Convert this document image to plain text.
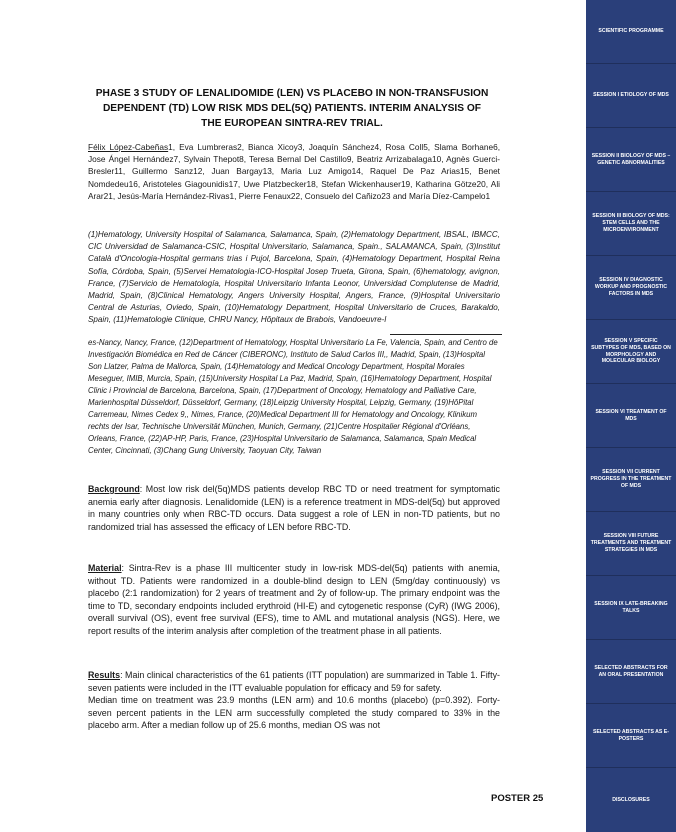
PHASE 3 STUDY OF LENALIDOMIDE (LEN) VS PLACEBO IN NON-TRANSFUSION DEPENDENT (TD) LOW RISK MDS DEL(5Q) PATIENTS. INTERIM ANALYSIS OF THE EUROPEAN SINTRA-REV TRIAL.
Félix López-Cabeñas1, Eva Lumbreras2, Bianca Xicoy3, Joaquín Sánchez4, Rosa Coll5, Slama Borhane6, Jose Ángel Hernández7, Sylvain Thepot8, Teresa Bernal Del Castillo9, Beatriz Arrizabalaga10, Agnès Guerci-Bresler11, Guillermo Sanz12, Juan Bargay13, Maria Luz Amigo14, Raquel De Paz Arias15, Benet Nomdedeu16, Aristoteles Giagounidis17, Uwe Platzbecker18, Stefan Wickenhauser19, Katharina Götze20, Ali Arar21, Jesús-María Hernández-Rivas1, Pierre Fenaux22, Consuelo del Cañizo23 and María Díez-Campelo1
(1)Hematology, University Hospital of Salamanca, Salamanca, Spain, (2)Hematology Department, IBSAL, IBMCC, CIC Universidad de Salamanca-CSIC, Hospital Universitario, Salamanca, Spain., SALAMANCA, Spain, (3)Institut Català d'Oncologia-Hospital germans trias i Pujol, Barcelona, Spain, (4)Hematology Department, Hospital Reina Sofía, Córdoba, Spain, (5)Servei Hematologia-ICO-Hospital Josep Trueta, Girona, Spain, (6)hematology, avignon, France, (7)Servicio de Hematología, Hospital Universitario Infanta Leonor, Universidad Complutense de Madrid, Madrid, Spain, (8)Clinical Hematology, Angers University Hospital, Angers, France, (9)Hospital Universitario Central de Asturias, Oviedo, Spain, (10)Hematology Department, Hospital Universitario de Cruces, Barakaldo, Spain, (11)Hematologie Clinique, CHRU Nancy, Hôpitaux de Brabois, Vandoeuvre-l
es-Nancy, Nancy, France, (12)Department of Hematology, Hospital Universitario La Fe, Valencia, Spain, and Centro de Investigación Biomédica en Red de Cáncer (CIBERONC), Instituto de Salud Carlos III,, Madrid, Spain, (13)Hospital Son Llatzer, Palma de Mallorca, Spain, (14)Hematology and Medical Oncology Department, Hospital Morales Meseguer, IMIB, Murcia, Spain, (15)University Hospital La Paz, Madrid, Spain, (16)Hematology Department, Hospital Clinic i Provincial de Barcelona, Barcelona, Spain, (17)Department of Oncology, Hematology and Palliative Care, Marienhospital Düsseldorf, Düsseldorf, Germany, (18)Leipzig University Hospital, Leipzig, Germany, (19)HôPital Carremeau, Nimes Cedex 9,, Nimes, France, (20)Medical Department III for Hematology and Oncology, Klinikum rechts der Isar, Technische Universität München, Munich, Germany, (21)Centre Hospitalier Régional d'Orléans, Orleans, France, (22)AP-HP, Paris, France, (23)Hospital Universitario de Salamanca, Salamanca, Spain Medical Center, Cincinnati, (3)Chang Gung University, Taoyuan City, Taiwan
Background: Most low risk del(5q)MDS patients develop RBC TD or need treatment for symptomatic anemia early after diagnosis. Lenalidomide (LEN) is a reference treatment in MDS-del(5q) but approved in many countries only when RBC-TD occurs. Data suggest a role of LEN in non-TD patients, but no randomized trial has assessed the efficacy of LEN before RBC-TD.
Material: Sintra-Rev is a phase III multicenter study in low-risk MDS-del(5q) patients with anemia, without TD. Patients were randomized in a double-blind design to LEN (5mg/day continuously) vs placebo (2:1 randomization) for 2 years of treatment and 2y of follow-up. The primary endpoint was the time to TD, secondary endpoints included erythroid (HI-E) and cytogenetic response (CyR) (IWG 2006), overall survival (OS), event free survival (EFS), time to AML and mutational analysis (NGS). Here, we report results of the interim analysis after completion of the treatment phase in all patients.
Results: Main clinical characteristics of the 61 patients (ITT population) are summarized in Table 1. Fifty-seven patients were included in the ITT evaluable population for efficacy and 59 for safety.
Median time on treatment was 23.9 months (LEN arm) and 10.6 months (placebo) (p=0.392). Forty-seven percent patients in the LEN arm successfully completed the study compared to 33% in the placebo arm. After a median follow up of 25.6 months, median OS was not
POSTER 25
SCIENTIFIC PROGRAMME
SESSION I ETIOLOGY OF MDS
SESSION II BIOLOGY OF MDS – GENETIC ABNORMALITIES
SESSION III BIOLOGY OF MDS: STEM CELLS AND THE MICROENVIRONMENT
SESSION IV DIAGNOSTIC WORKUP AND PROGNOSTIC FACTORS IN MDS
SESSION V SPECIFIC SUBTYPES OF MDS, BASED ON MORPHOLOGY AND MOLECULAR BIOLOGY
SESSION VI TREATMENT OF MDS
SESSION VII CURRENT PROGRESS IN THE TREATMENT OF MDS
SESSION VIII FUTURE TREATMENTS AND TREATMENT STRATEGIES IN MDS
SESSION IX LATE-BREAKING TALKS
SELECTED ABSTRACTS FOR AN ORAL PRESENTATION
SELECTED ABSTRACTS AS E-POSTERS
DISCLOSURES
